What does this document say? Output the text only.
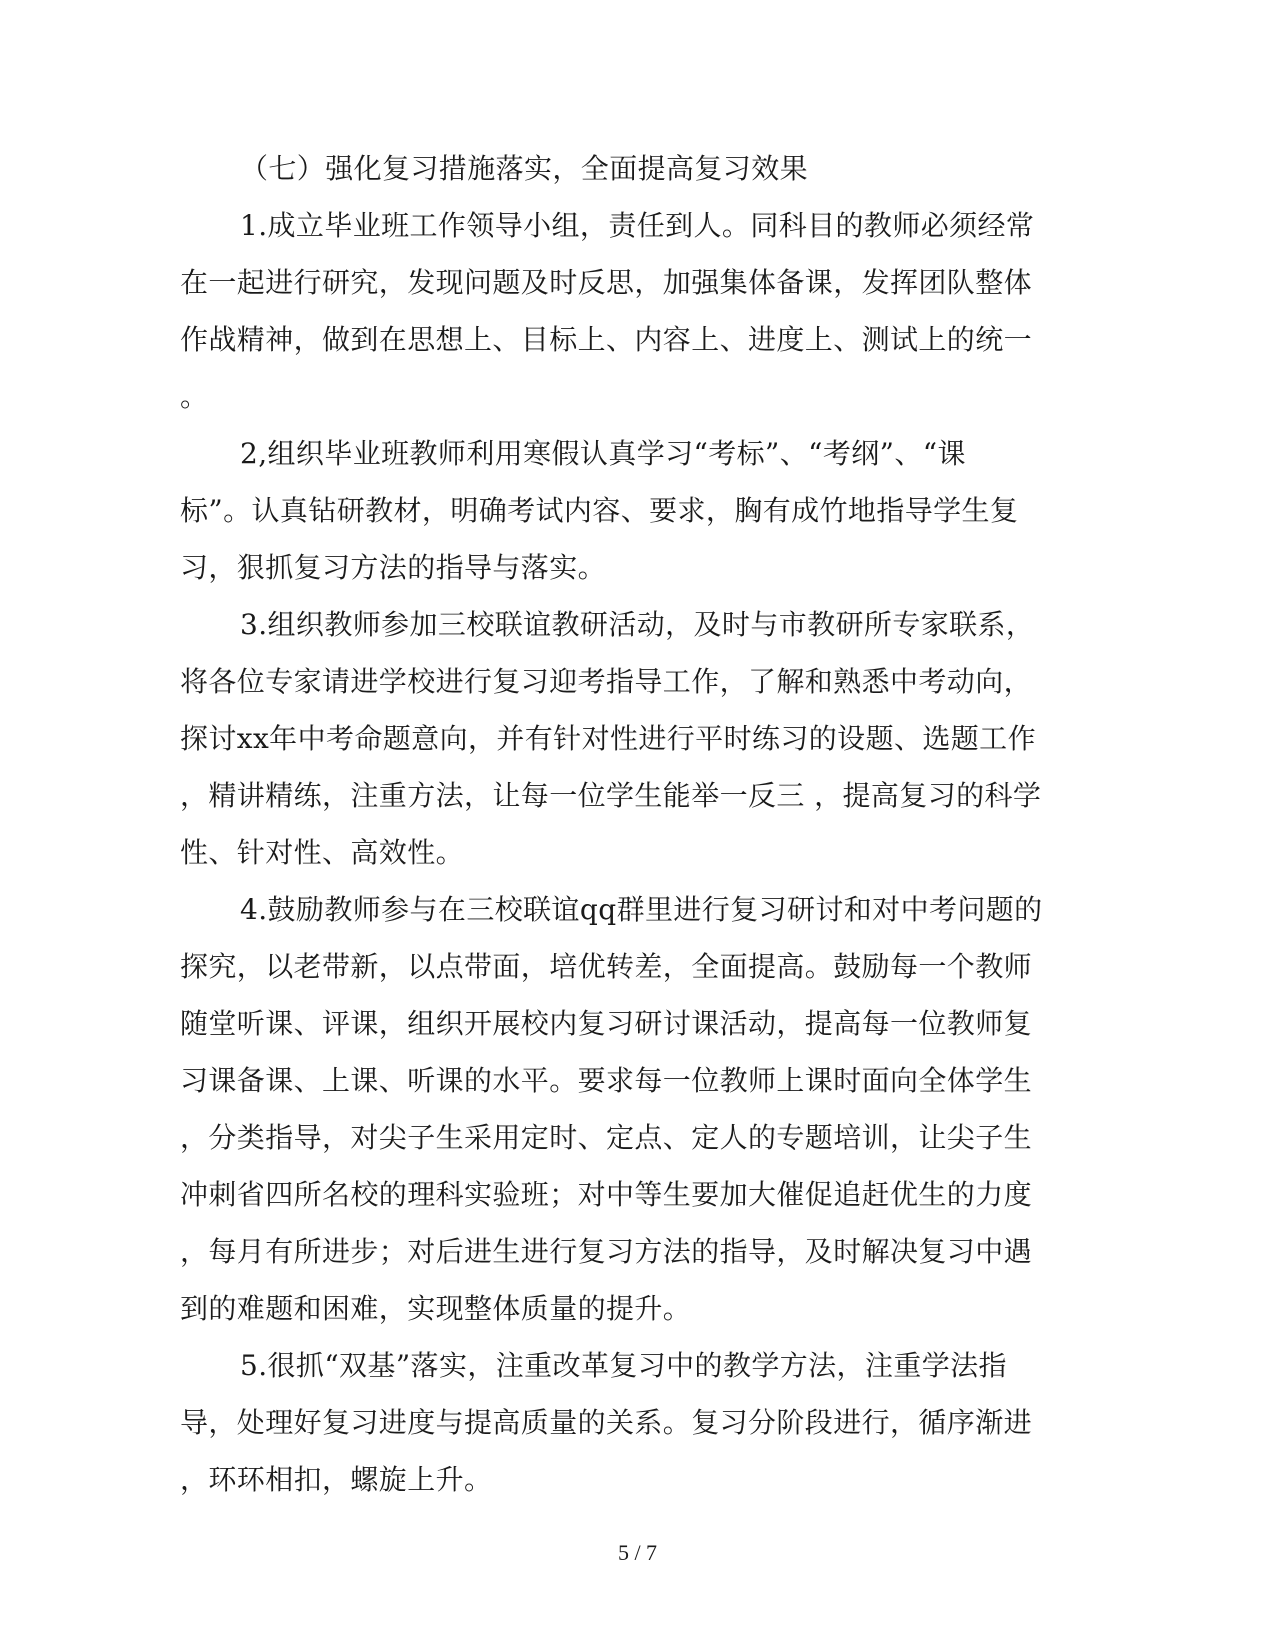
（七）强化复习措施落实，全面提高复习效果
1.成立毕业班工作领导小组，责任到人。同科目的教师必须经常
在一起进行研究，发现问题及时反思，加强集体备课，发挥团队整体
作战精神，做到在思想上、目标上、内容上、进度上、测试上的统一
。
2,组织毕业班教师利用寒假认真学习“考标”、“考纲”、“课
标”。认真钻研教材，明确考试内容、要求，胸有成竹地指导学生复
习，狠抓复习方法的指导与落实。
3.组织教师参加三校联谊教研活动，及时与市教研所专家联系，
将各位专家请进学校进行复习迎考指导工作，了解和熟悉中考动向，
探讨xx年中考命题意向，并有针对性进行平时练习的设题、选题工作
，精讲精练，注重方法，让每一位学生能举一反三 ，提高复习的科学
性、针对性、高效性。
4.鼓励教师参与在三校联谊qq群里进行复习研讨和对中考问题的
探究，以老带新，以点带面，培优转差，全面提高。鼓励每一个教师
随堂听课、评课，组织开展校内复习研讨课活动，提高每一位教师复
习课备课、上课、听课的水平。要求每一位教师上课时面向全体学生
，分类指导，对尖子生采用定时、定点、定人的专题培训，让尖子生
冲刺省四所名校的理科实验班；对中等生要加大催促追赶优生的力度
，每月有所进步；对后进生进行复习方法的指导，及时解决复习中遇
到的难题和困难，实现整体质量的提升。
5.很抓“双基”落实，注重改革复习中的教学方法，注重学法指
导，处理好复习进度与提高质量的关系。复习分阶段进行，循序渐进
，环环相扣，螺旋上升。
5 / 7
